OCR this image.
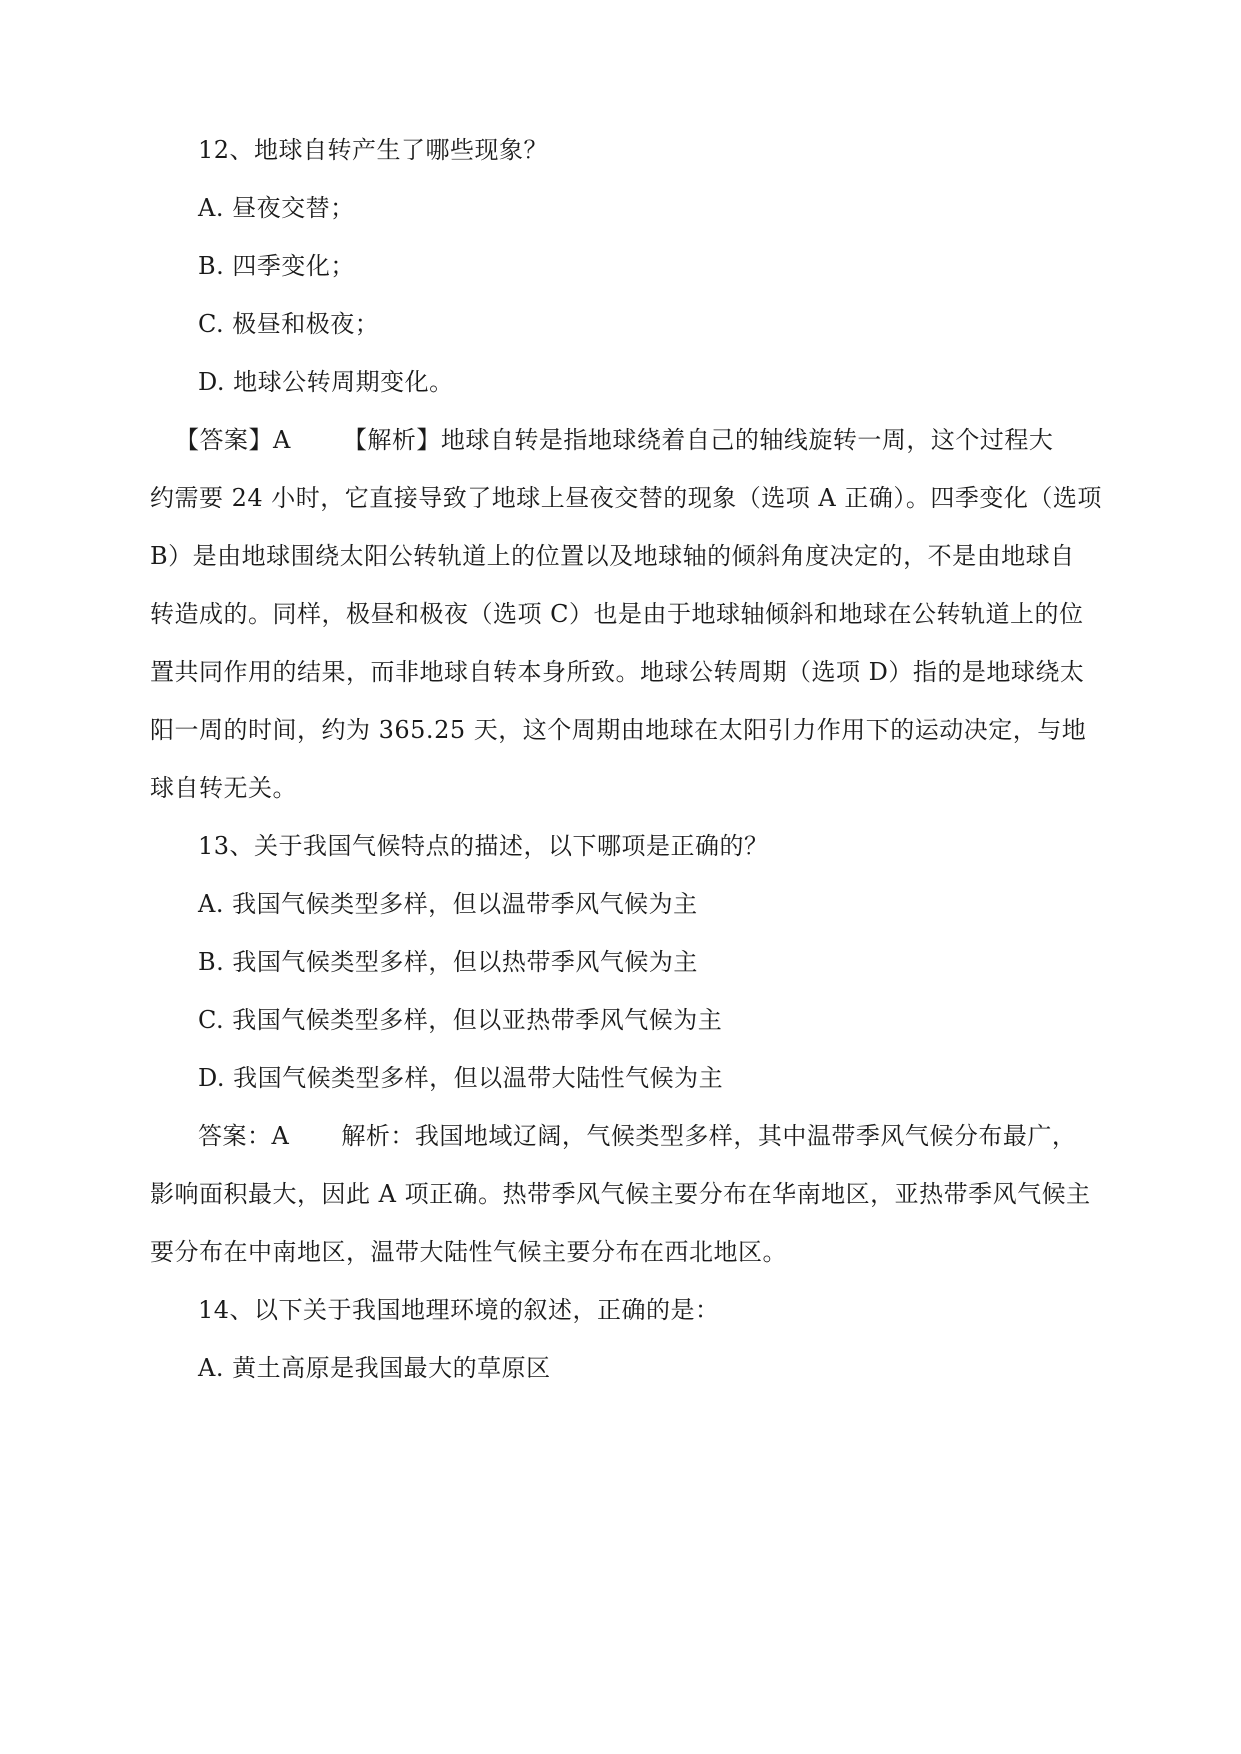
12、地球自转产生了哪些现象？
A. 昼夜交替；
B. 四季变化；
C. 极昼和极夜；
D. 地球公转周期变化。
【答案】A 【解析】地球自转是指地球绕着自己的轴线旋转一周，这个过程大
约需要 24 小时，它直接导致了地球上昼夜交替的现象（选项 A 正确）。四季变化（选项
B）是由地球围绕太阳公转轨道上的位置以及地球轴的倾斜角度决定的，不是由地球自
转造成的。同样，极昼和极夜（选项 C）也是由于地球轴倾斜和地球在公转轨道上的位
置共同作用的结果，而非地球自转本身所致。地球公转周期（选项 D）指的是地球绕太
阳一周的时间，约为 365.25 天，这个周期由地球在太阳引力作用下的运动决定，与地
球自转无关。
13、关于我国气候特点的描述，以下哪项是正确的？
A. 我国气候类型多样，但以温带季风气候为主
B. 我国气候类型多样，但以热带季风气候为主
C. 我国气候类型多样，但以亚热带季风气候为主
D. 我国气候类型多样，但以温带大陆性气候为主
答案：A 解析：我国地域辽阔，气候类型多样，其中温带季风气候分布最广，
影响面积最大，因此 A 项正确。热带季风气候主要分布在华南地区，亚热带季风气候主
要分布在中南地区，温带大陆性气候主要分布在西北地区。
14、以下关于我国地理环境的叙述，正确的是：
A. 黄土高原是我国最大的草原区
